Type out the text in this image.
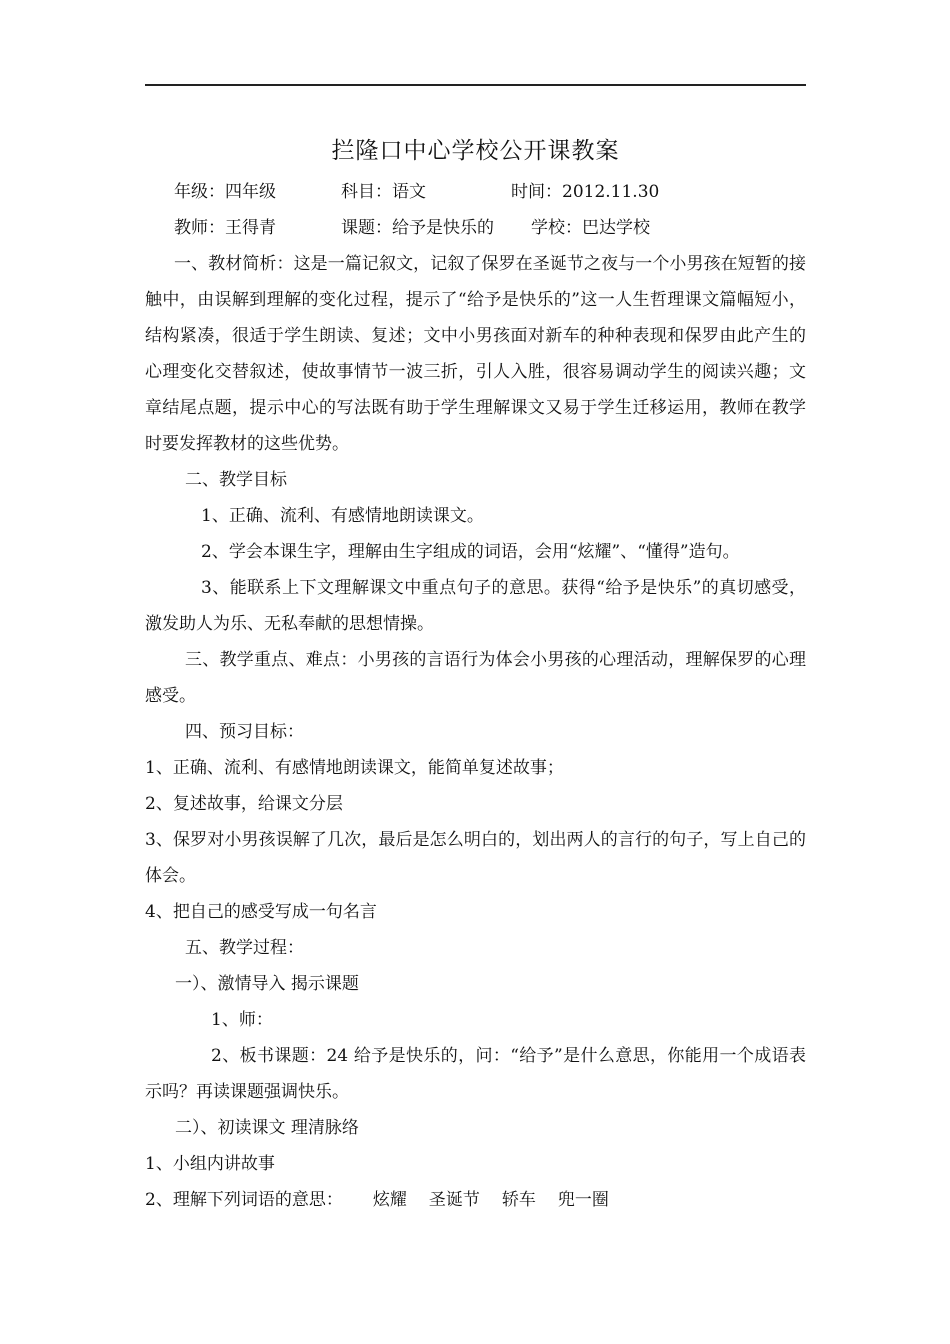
拦隆口中心学校公开课教案
年级：四年级	科目：语文	时间：2012.11.30
教师：王得青	课题：给予是快乐的	学校：巴达学校

一、教材简析：这是一篇记叙文，记叙了保罗在圣诞节之夜与一个小男孩在短暂的接触中，由误解到理解的变化过程，提示了“给予是快乐的”这一人生哲理课文篇幅短小，结构紧凑，很适于学生朗读、复述；文中小男孩面对新车的种种表现和保罗由此产生的心理变化交替叙述，使故事情节一波三折，引人入胜，很容易调动学生的阅读兴趣；文章结尾点题，提示中心的写法既有助于学生理解课文又易于学生迁移运用，教师在教学时要发挥教材的这些优势。

二、教学目标

1、正确、流利、有感情地朗读课文。

2、学会本课生字，理解由生字组成的词语，会用“炫耀”、“懂得”造句。

3、能联系上下文理解课文中重点句子的意思。获得“给予是快乐”的真切感受，激发助人为乐、无私奉献的思想情操。

三、教学重点、难点：小男孩的言语行为体会小男孩的心理活动，理解保罗的心理感受。

四、预习目标：

1、正确、流利、有感情地朗读课文，能简单复述故事；

2、复述故事，给课文分层

3、保罗对小男孩误解了几次，最后是怎么明白的，划出两人的言行的句子，写上自己的体会。

4、把自己的感受写成一句名言

五、教学过程：

一）、激情导入 揭示课题

1、师：

2、板书课题：24 给予是快乐的，问：“给予”是什么意思，你能用一个成语表示吗？再读课题强调快乐。

二）、初读课文 理清脉络

1、小组内讲故事

2、理解下列词语的意思： 炫耀 圣诞节 轿车 兜一圈
